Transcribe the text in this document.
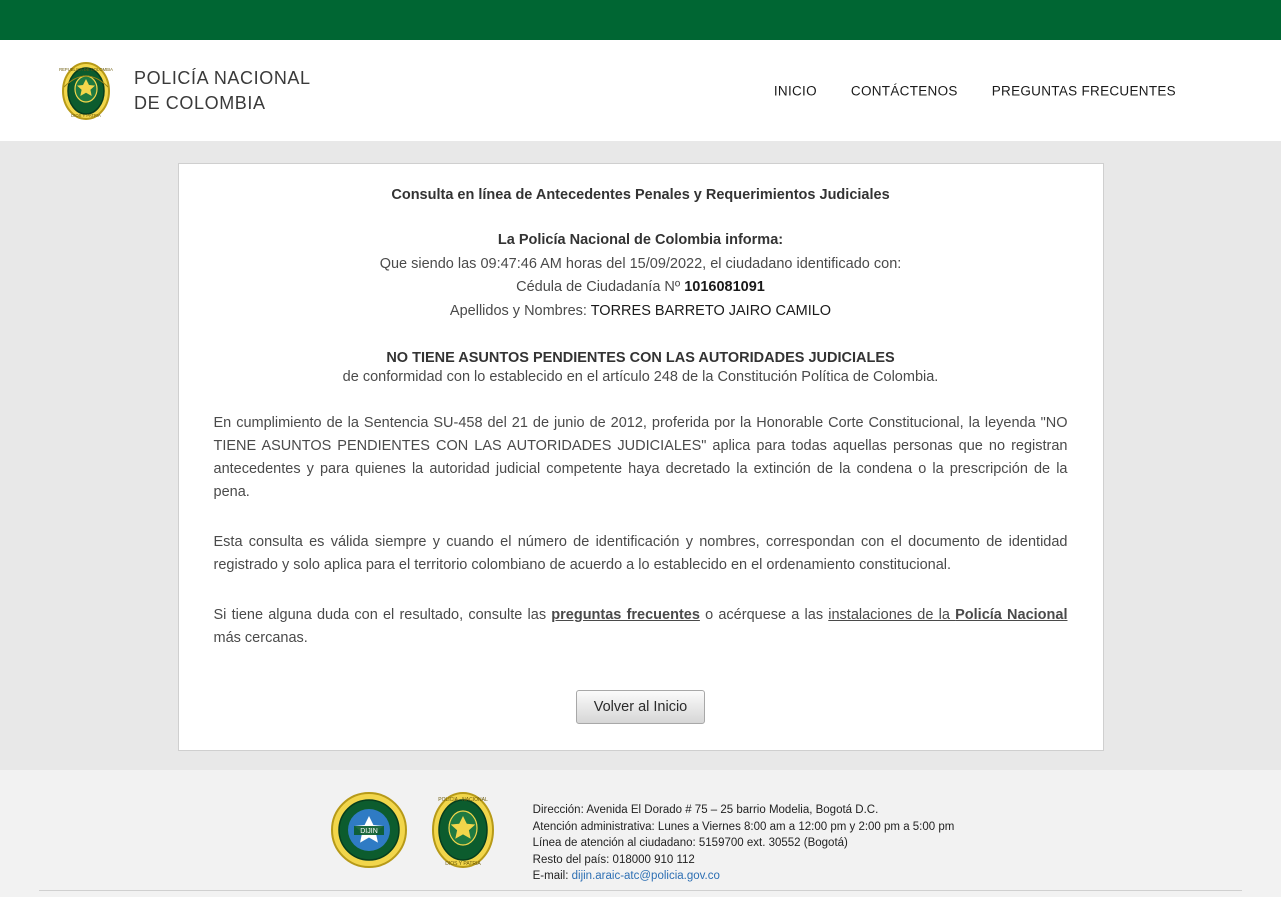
REPUBLICA DE COLOMBIA
DIOS Y PATRIA
POLICÍA NACIONAL
DE COLOMBIA
INICIO	CONTÁCTENOS	PREGUNTAS FRECUENTES
Consulta en línea de Antecedentes Penales y Requerimientos Judiciales
La Policía Nacional de Colombia informa:
Que siendo las 09:47:46 AM horas del 15/09/2022, el ciudadano identificado con:
Cédula de Ciudadanía Nº 1016081091
Apellidos y Nombres: TORRES BARRETO JAIRO CAMILO
NO TIENE ASUNTOS PENDIENTES CON LAS AUTORIDADES JUDICIALES
de conformidad con lo establecido en el artículo 248 de la Constitución Política de Colombia.

En cumplimiento de la Sentencia SU-458 del 21 de junio de 2012, proferida por la Honorable Corte Constitucional, la leyenda "NO TIENE ASUNTOS PENDIENTES CON LAS AUTORIDADES JUDICIALES" aplica para todas aquellas personas que no registran antecedentes y para quienes la autoridad judicial competente haya decretado la extinción de la condena o la prescripción de la pena.

Esta consulta es válida siempre y cuando el número de identificación y nombres, correspondan con el documento de identidad registrado y solo aplica para el territorio colombiano de acuerdo a lo establecido en el ordenamiento constitucional.

Si tiene alguna duda con el resultado, consulte las preguntas frecuentes o acérquese a las instalaciones de la Policía Nacional más cercanas.

Volver al Inicio
DIJIN
POLICIA · NACIONAL
DIOS Y PATRIA
Dirección: Avenida El Dorado # 75 – 25 barrio Modelia, Bogotá D.C.
Atención administrativa: Lunes a Viernes 8:00 am a 12:00 pm y 2:00 pm a 5:00 pm
Línea de atención al ciudadano: 5159700 ext. 30552 (Bogotá)
Resto del país: 018000 910 112
E-mail: dijin.araic-atc@policia.gov.co
